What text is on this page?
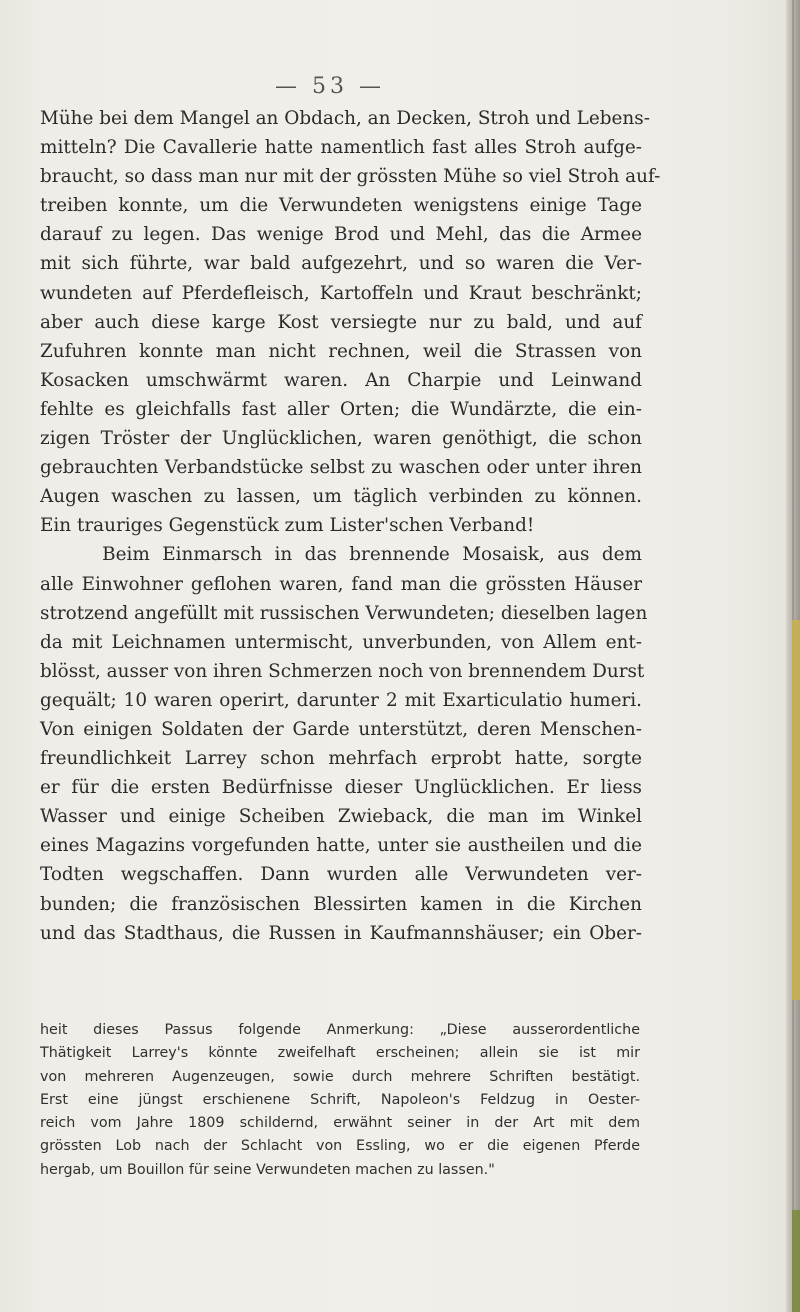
— 53 —
Mühe bei dem Mangel an Obdach, an Decken, Stroh und Lebens-
mitteln? Die Cavallerie hatte namentlich fast alles Stroh aufge-
braucht, so dass man nur mit der grössten Mühe so viel Stroh auf-
treiben konnte, um die Verwundeten wenigstens einige Tage
darauf zu legen. Das wenige Brod und Mehl, das die Armee
mit sich führte, war bald aufgezehrt, und so waren die Ver-
wundeten auf Pferdefleisch, Kartoffeln und Kraut beschränkt;
aber auch diese karge Kost versiegte nur zu bald, und auf
Zufuhren konnte man nicht rechnen, weil die Strassen von
Kosacken umschwärmt waren. An Charpie und Leinwand
fehlte es gleichfalls fast aller Orten; die Wundärzte, die ein-
zigen Tröster der Unglücklichen, waren genöthigt, die schon
gebrauchten Verbandstücke selbst zu waschen oder unter ihren
Augen waschen zu lassen, um täglich verbinden zu können.
Ein trauriges Gegenstück zum Lister'schen Verband!
Beim Einmarsch in das brennende Mosaisk, aus dem
alle Einwohner geflohen waren, fand man die grössten Häuser
strotzend angefüllt mit russischen Verwundeten; dieselben lagen
da mit Leichnamen untermischt, unverbunden, von Allem ent-
blösst, ausser von ihren Schmerzen noch von brennendem Durst
gequält; 10 waren operirt, darunter 2 mit Exarticulatio humeri.
Von einigen Soldaten der Garde unterstützt, deren Menschen-
freundlichkeit Larrey schon mehrfach erprobt hatte, sorgte
er für die ersten Bedürfnisse dieser Unglücklichen. Er liess
Wasser und einige Scheiben Zwieback, die man im Winkel
eines Magazins vorgefunden hatte, unter sie austheilen und die
Todten wegschaffen. Dann wurden alle Verwundeten ver-
bunden; die französischen Blessirten kamen in die Kirchen
und das Stadthaus, die Russen in Kaufmannshäuser; ein Ober-
heit dieses Passus folgende Anmerkung: „Diese ausserordentliche
Thätigkeit Larrey's könnte zweifelhaft erscheinen; allein sie ist mir
von mehreren Augenzeugen, sowie durch mehrere Schriften bestätigt.
Erst eine jüngst erschienene Schrift, Napoleon's Feldzug in Oester-
reich vom Jahre 1809 schildernd, erwähnt seiner in der Art mit dem
grössten Lob nach der Schlacht von Essling, wo er die eigenen Pferde
hergab, um Bouillon für seine Verwundeten machen zu lassen."
